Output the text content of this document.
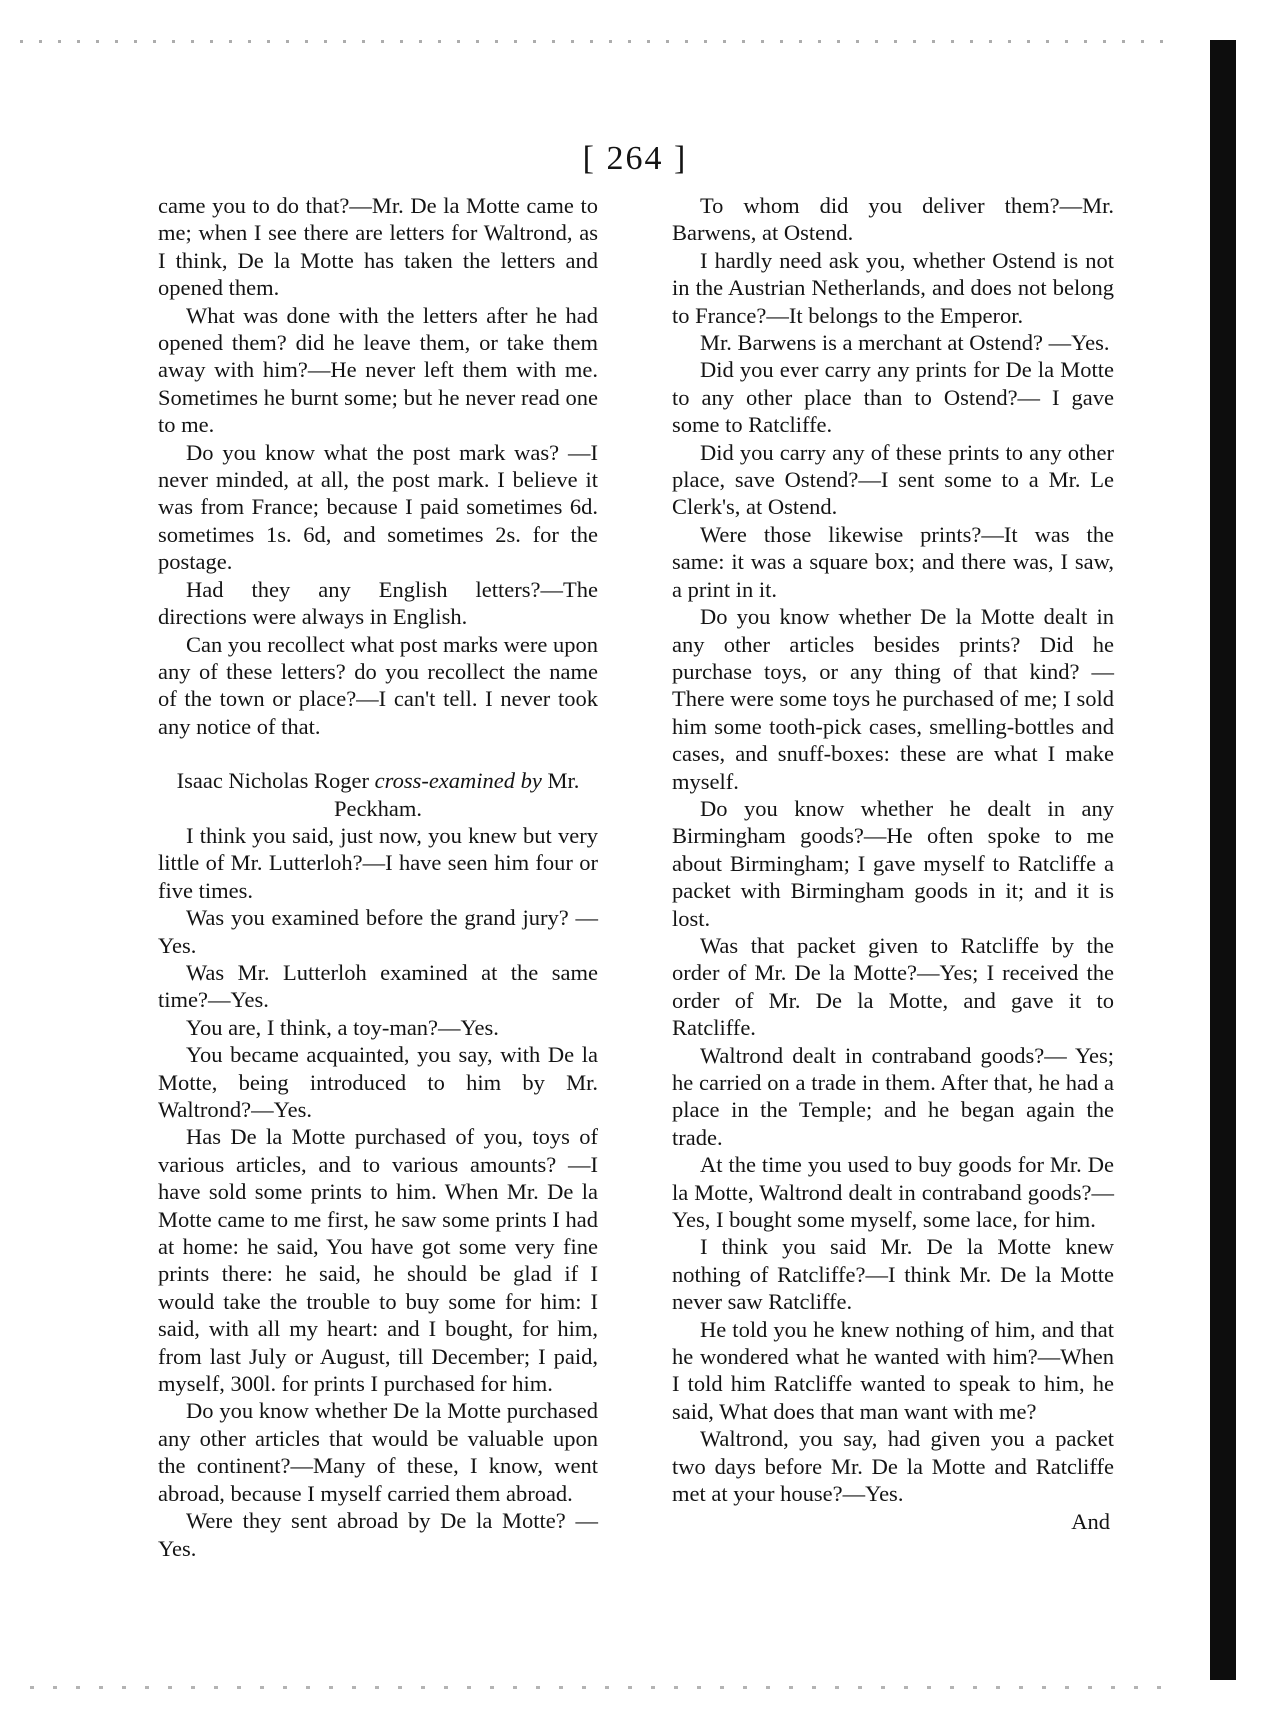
[ 264 ]

came you to do that?—Mr. De la Motte came to me; when I see there are letters for Waltrond, as I think, De la Motte has taken the letters and opened them.

What was done with the letters after he had opened them? did he leave them, or take them away with him?—He never left them with me. Sometimes he burnt some; but he never read one to me.

Do you know what the post mark was? —I never minded, at all, the post mark. I believe it was from France; because I paid sometimes 6d. sometimes 1s. 6d, and sometimes 2s. for the postage.

Had they any English letters?—The directions were always in English.

Can you recollect what post marks were upon any of these letters? do you recollect the name of the town or place?—I can't tell. I never took any notice of that.

Isaac Nicholas Roger cross-examined by Mr. Peckham.

I think you said, just now, you knew but very little of Mr. Lutterloh?—I have seen him four or five times.

Was you examined before the grand jury? —Yes.

Was Mr. Lutterloh examined at the same time?—Yes.

You are, I think, a toy-man?—Yes.

You became acquainted, you say, with De la Motte, being introduced to him by Mr. Waltrond?—Yes.

Has De la Motte purchased of you, toys of various articles, and to various amounts? —I have sold some prints to him. When Mr. De la Motte came to me first, he saw some prints I had at home: he said, You have got some very fine prints there: he said, he should be glad if I would take the trouble to buy some for him: I said, with all my heart: and I bought, for him, from last July or August, till December; I paid, myself, 300l. for prints I purchased for him.

Do you know whether De la Motte purchased any other articles that would be valuable upon the continent?—Many of these, I know, went abroad, because I myself carried them abroad.

Were they sent abroad by De la Motte? —Yes.

To whom did you deliver them?—Mr. Barwens, at Ostend.

I hardly need ask you, whether Ostend is not in the Austrian Netherlands, and does not belong to France?—It belongs to the Emperor.

Mr. Barwens is a merchant at Ostend? —Yes.

Did you ever carry any prints for De la Motte to any other place than to Ostend?— I gave some to Ratcliffe.

Did you carry any of these prints to any other place, save Ostend?—I sent some to a Mr. Le Clerk's, at Ostend.

Were those likewise prints?—It was the same: it was a square box; and there was, I saw, a print in it.

Do you know whether De la Motte dealt in any other articles besides prints? Did he purchase toys, or any thing of that kind? —There were some toys he purchased of me; I sold him some tooth-pick cases, smelling-bottles and cases, and snuff-boxes: these are what I make myself.

Do you know whether he dealt in any Birmingham goods?—He often spoke to me about Birmingham; I gave myself to Ratcliffe a packet with Birmingham goods in it; and it is lost.

Was that packet given to Ratcliffe by the order of Mr. De la Motte?—Yes; I received the order of Mr. De la Motte, and gave it to Ratcliffe.

Waltrond dealt in contraband goods?— Yes; he carried on a trade in them. After that, he had a place in the Temple; and he began again the trade.

At the time you used to buy goods for Mr. De la Motte, Waltrond dealt in contraband goods?—Yes, I bought some myself, some lace, for him.

I think you said Mr. De la Motte knew nothing of Ratcliffe?—I think Mr. De la Motte never saw Ratcliffe.

He told you he knew nothing of him, and that he wondered what he wanted with him?—When I told him Ratcliffe wanted to speak to him, he said, What does that man want with me?

Waltrond, you say, had given you a packet two days before Mr. De la Motte and Ratcliffe met at your house?—Yes.

And
